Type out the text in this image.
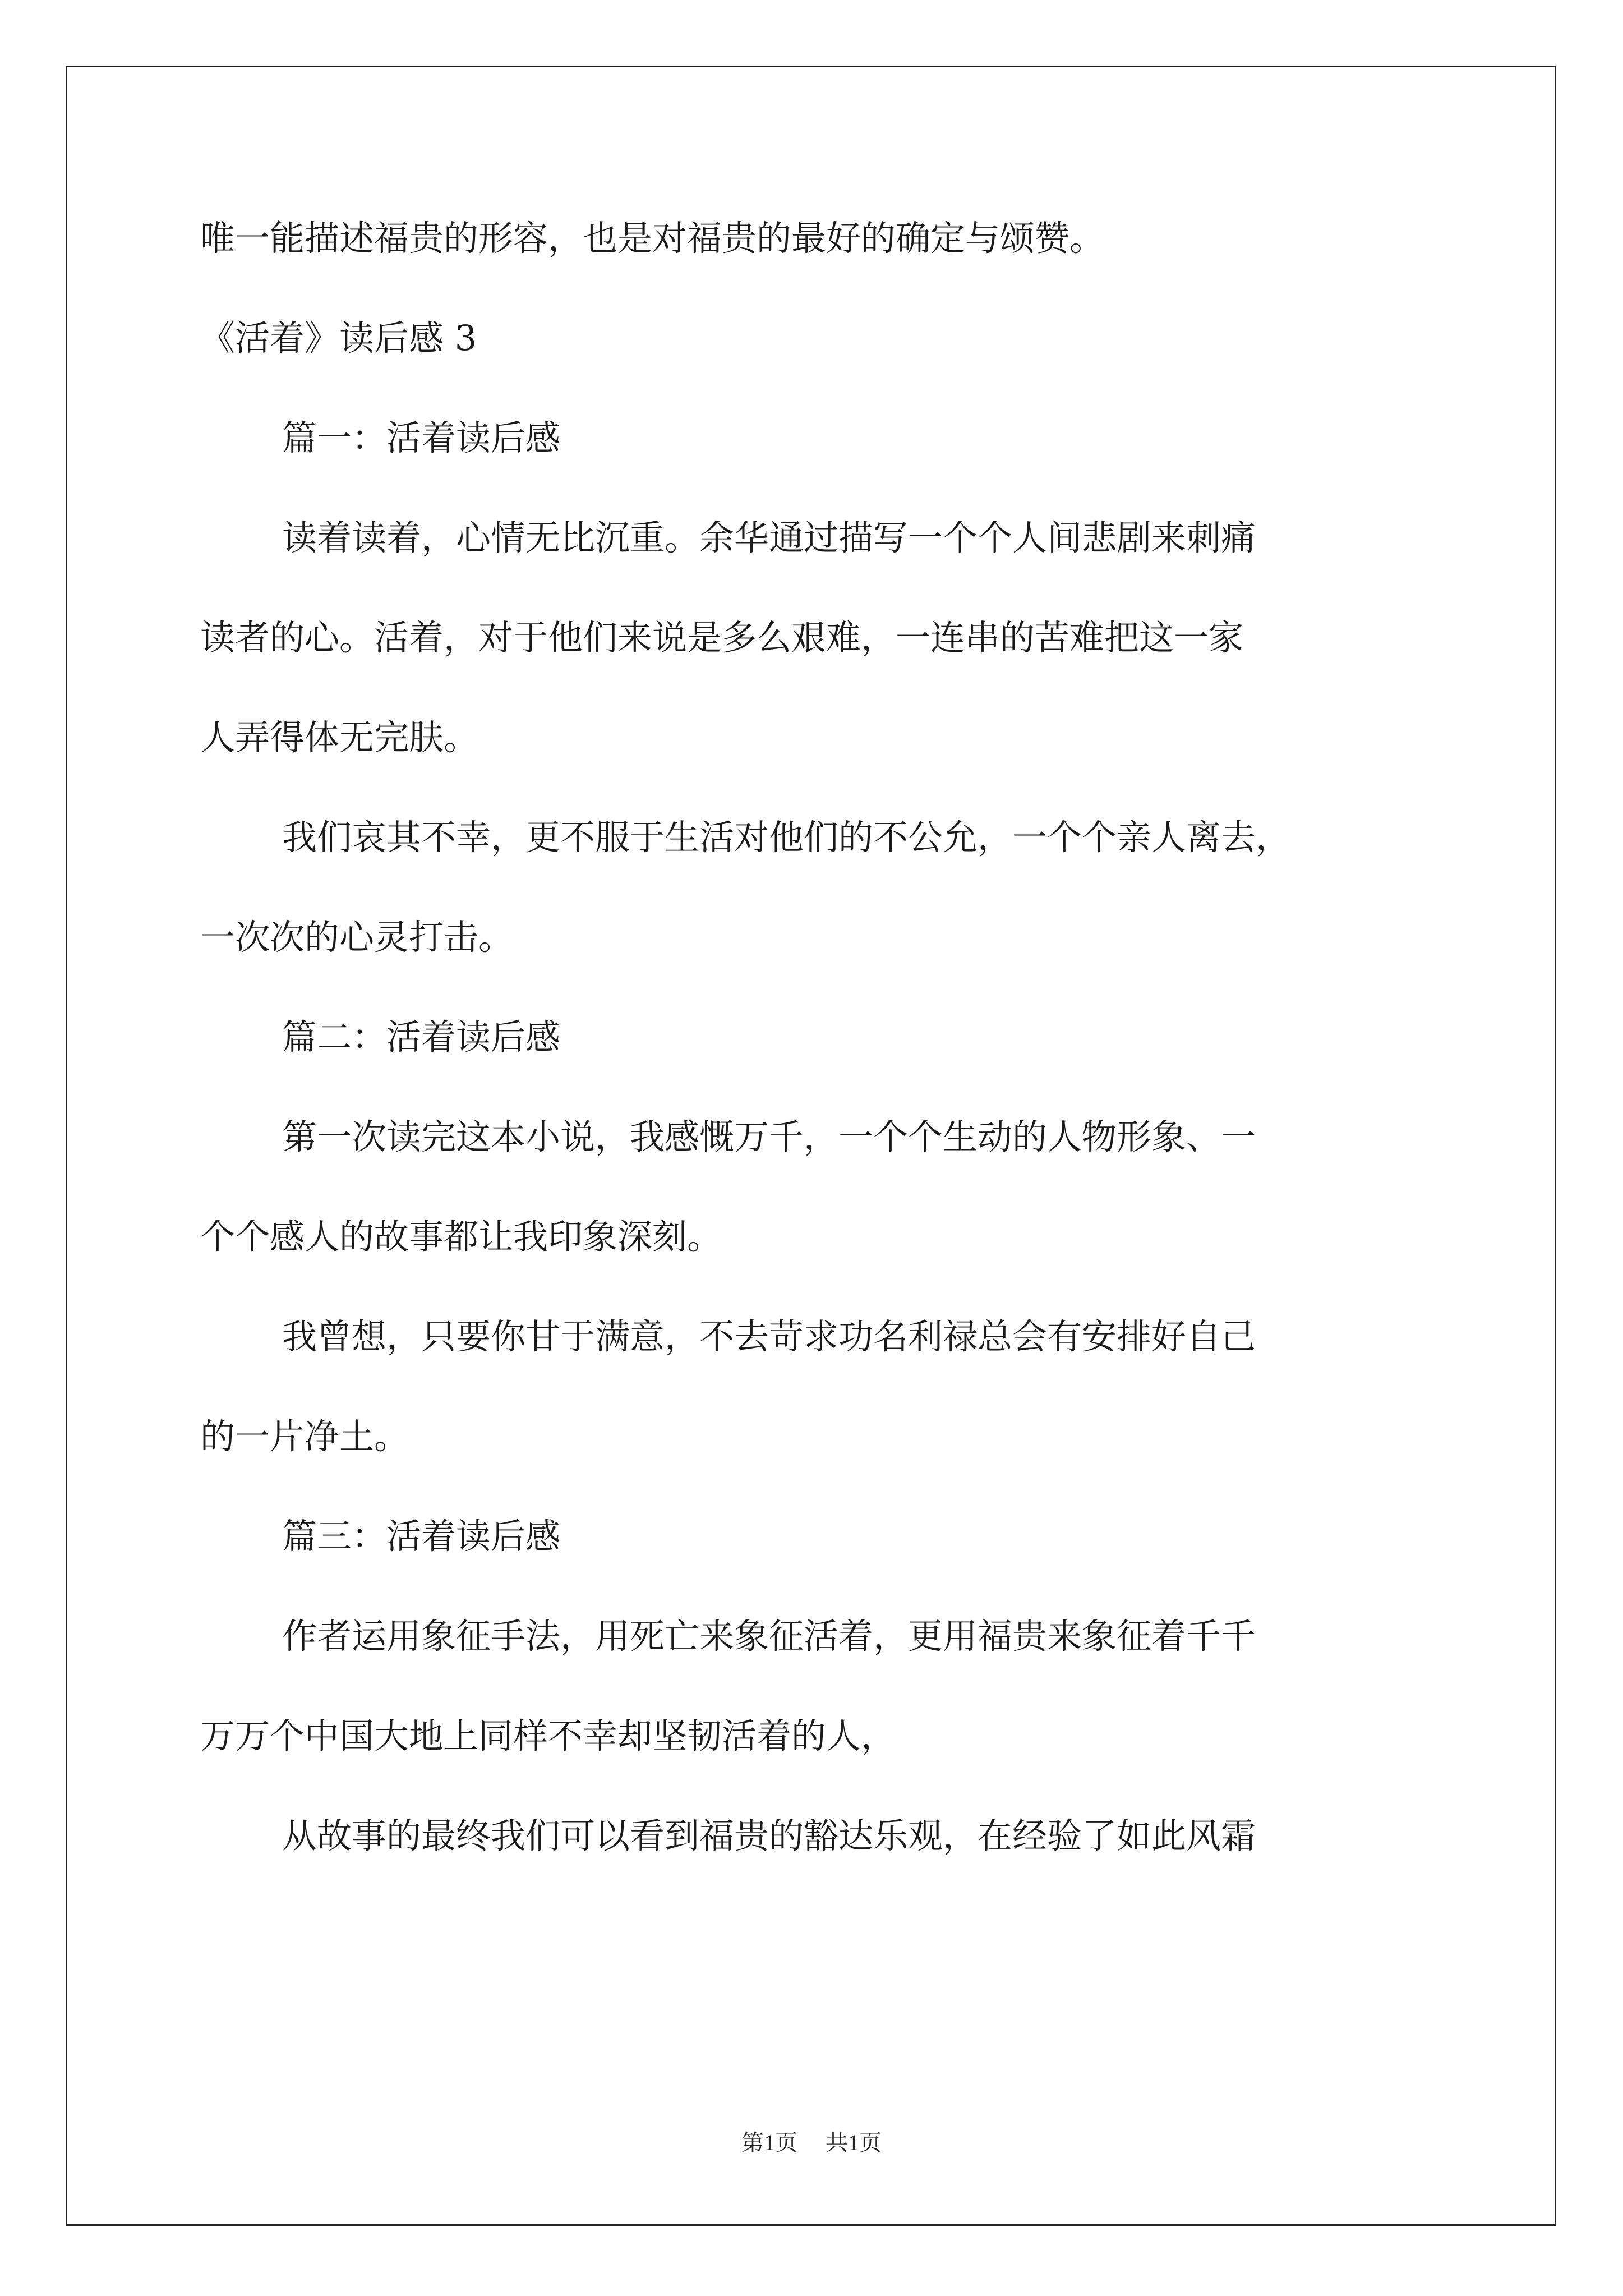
唯一能描述福贵的形容，也是对福贵的最好的确定与颂赞。
《活着》读后感 3
篇一：活着读后感
读着读着，心情无比沉重。余华通过描写一个个人间悲剧来刺痛
读者的心。活着，对于他们来说是多么艰难，一连串的苦难把这一家
人弄得体无完肤。
我们哀其不幸，更不服于生活对他们的不公允，一个个亲人离去，
一次次的心灵打击。
篇二：活着读后感
第一次读完这本小说，我感慨万千，一个个生动的人物形象、一
个个感人的故事都让我印象深刻。
我曾想，只要你甘于满意，不去苛求功名利禄总会有安排好自己
的一片净土。
篇三：活着读后感
作者运用象征手法，用死亡来象征活着，更用福贵来象征着千千
万万个中国大地上同样不幸却坚韧活着的人，
从故事的最终我们可以看到福贵的豁达乐观，在经验了如此风霜
第1页 共1页
